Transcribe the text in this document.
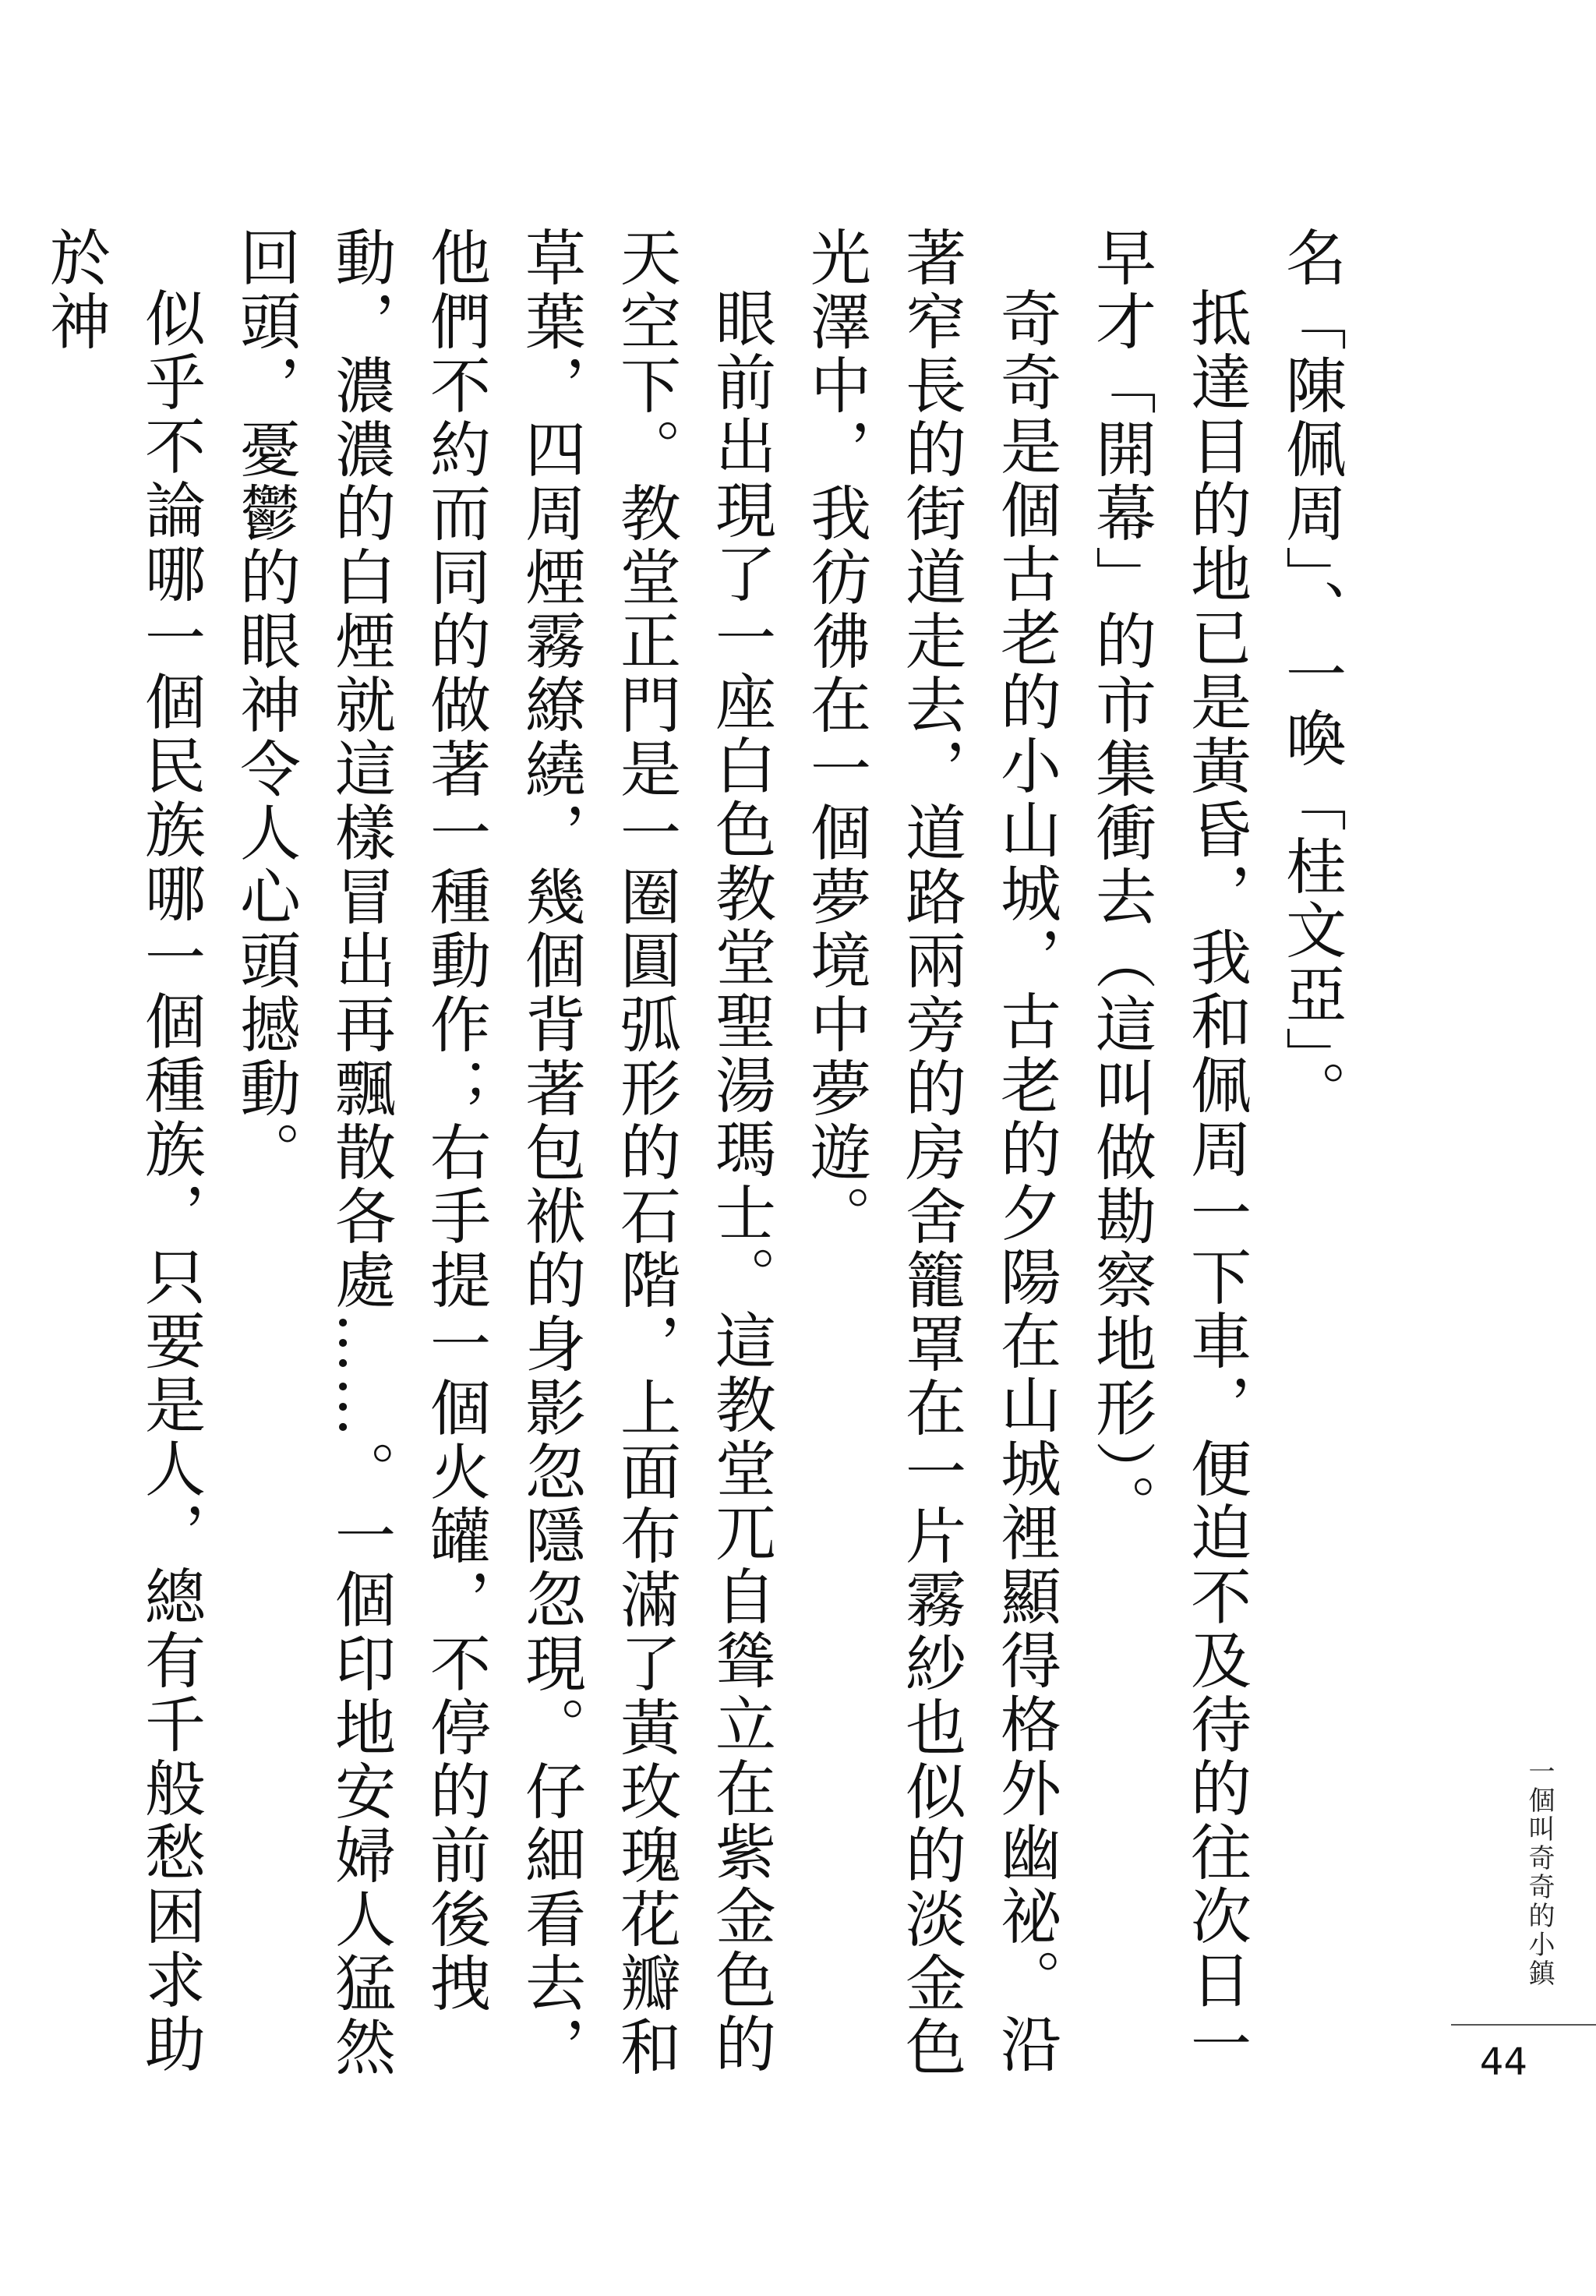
名「陳佩周」、一喚「桂文亞」。

抵達目的地已是黃昏，我和佩周一下車，便迫不及待的往次日一早才「開幕」的市集衝去（這叫做勘察地形）。

奇奇是個古老的小山城，古老的夕陽在山城裡顯得格外幽祕。沿著窄長的街道走去，道路兩旁的房舍籠罩在一片霧紗也似的淡金色光澤中，我彷彿在一個夢境中夢遊。

眼前出現了一座白色教堂聖湯瑪士。這教堂兀自聳立在紫金色的天空下。教堂正門是一圈圓弧形的石階，上面布滿了黃玫瑰花瓣和草葉，四周煙霧繚繞，幾個背著包袱的身影忽隱忽現。仔細看去，他們不約而同的做著一種動作；右手提一個火罐，不停的前後拽動，濃濃的白煙就這樣冒出再飄散各處……。一個印地安婦人猛然回頭，憂鬱的眼神令人心頭撼動。

似乎不論哪一個民族哪一個種族，只要是人，總有千般愁困求助於神

一個叫奇奇的小鎮
44
